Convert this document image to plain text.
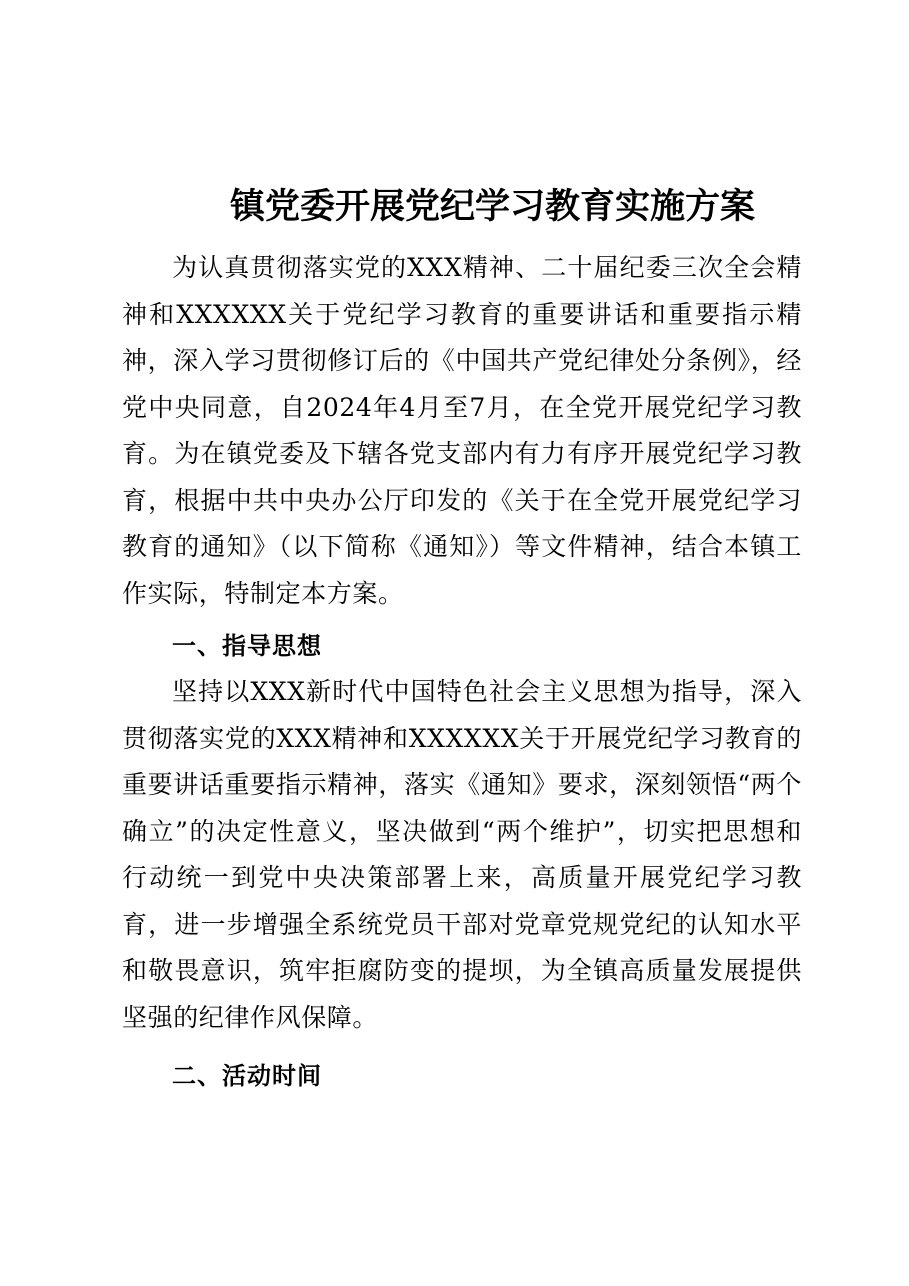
镇党委开展党纪学习教育实施方案

为认真贯彻落实党的XXX精神、二十届纪委三次全会精神和XXXXXX关于党纪学习教育的重要讲话和重要指示精神，深入学习贯彻修订后的《中国共产党纪律处分条例》，经党中央同意，自2024年4月至7月，在全党开展党纪学习教育。为在镇党委及下辖各党支部内有力有序开展党纪学习教育，根据中共中央办公厅印发的《关于在全党开展党纪学习教育的通知》（以下简称《通知》）等文件精神，结合本镇工作实际，特制定本方案。

一、指导思想

坚持以XXX新时代中国特色社会主义思想为指导，深入贯彻落实党的XXX精神和XXXXXX关于开展党纪学习教育的重要讲话重要指示精神，落实《通知》要求，深刻领悟“两个确立”的决定性意义，坚决做到“两个维护”，切实把思想和行动统一到党中央决策部署上来，高质量开展党纪学习教育，进一步增强全系统党员干部对党章党规党纪的认知水平和敬畏意识，筑牢拒腐防变的提坝，为全镇高质量发展提供坚强的纪律作风保障。

二、活动时间
